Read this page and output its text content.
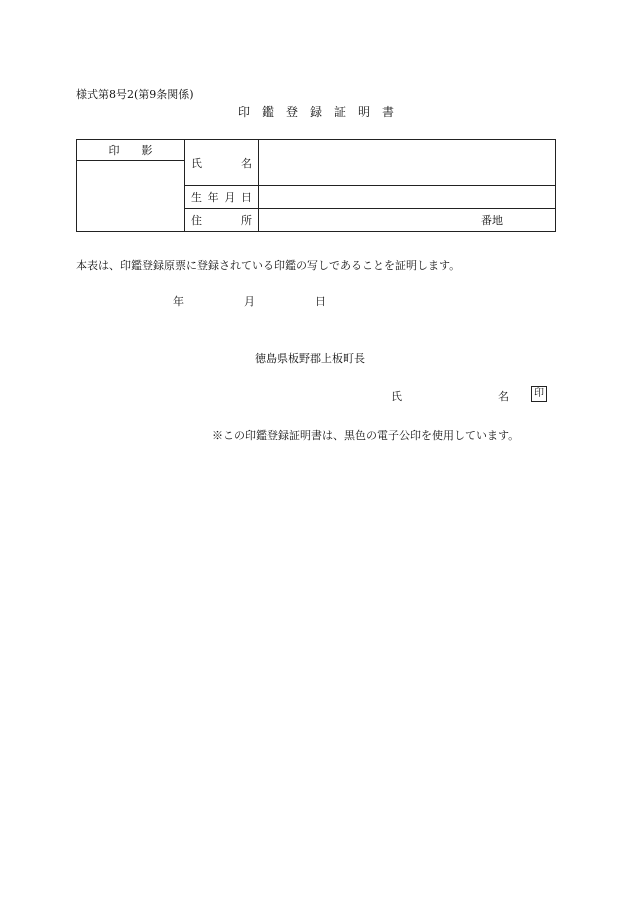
様式第8号2(第9条関係)
印　鑑　登　録　証　明　書
印   影	氏 名	

	生 年 月 日	

	住 所	番地
本表は、印鑑登録原票に登録されている印鑑の写しであることを証明します。
年	月	日
徳島県板野郡上板町長
氏	名	印
※この印鑑登録証明書は、黒色の電子公印を使用しています。
